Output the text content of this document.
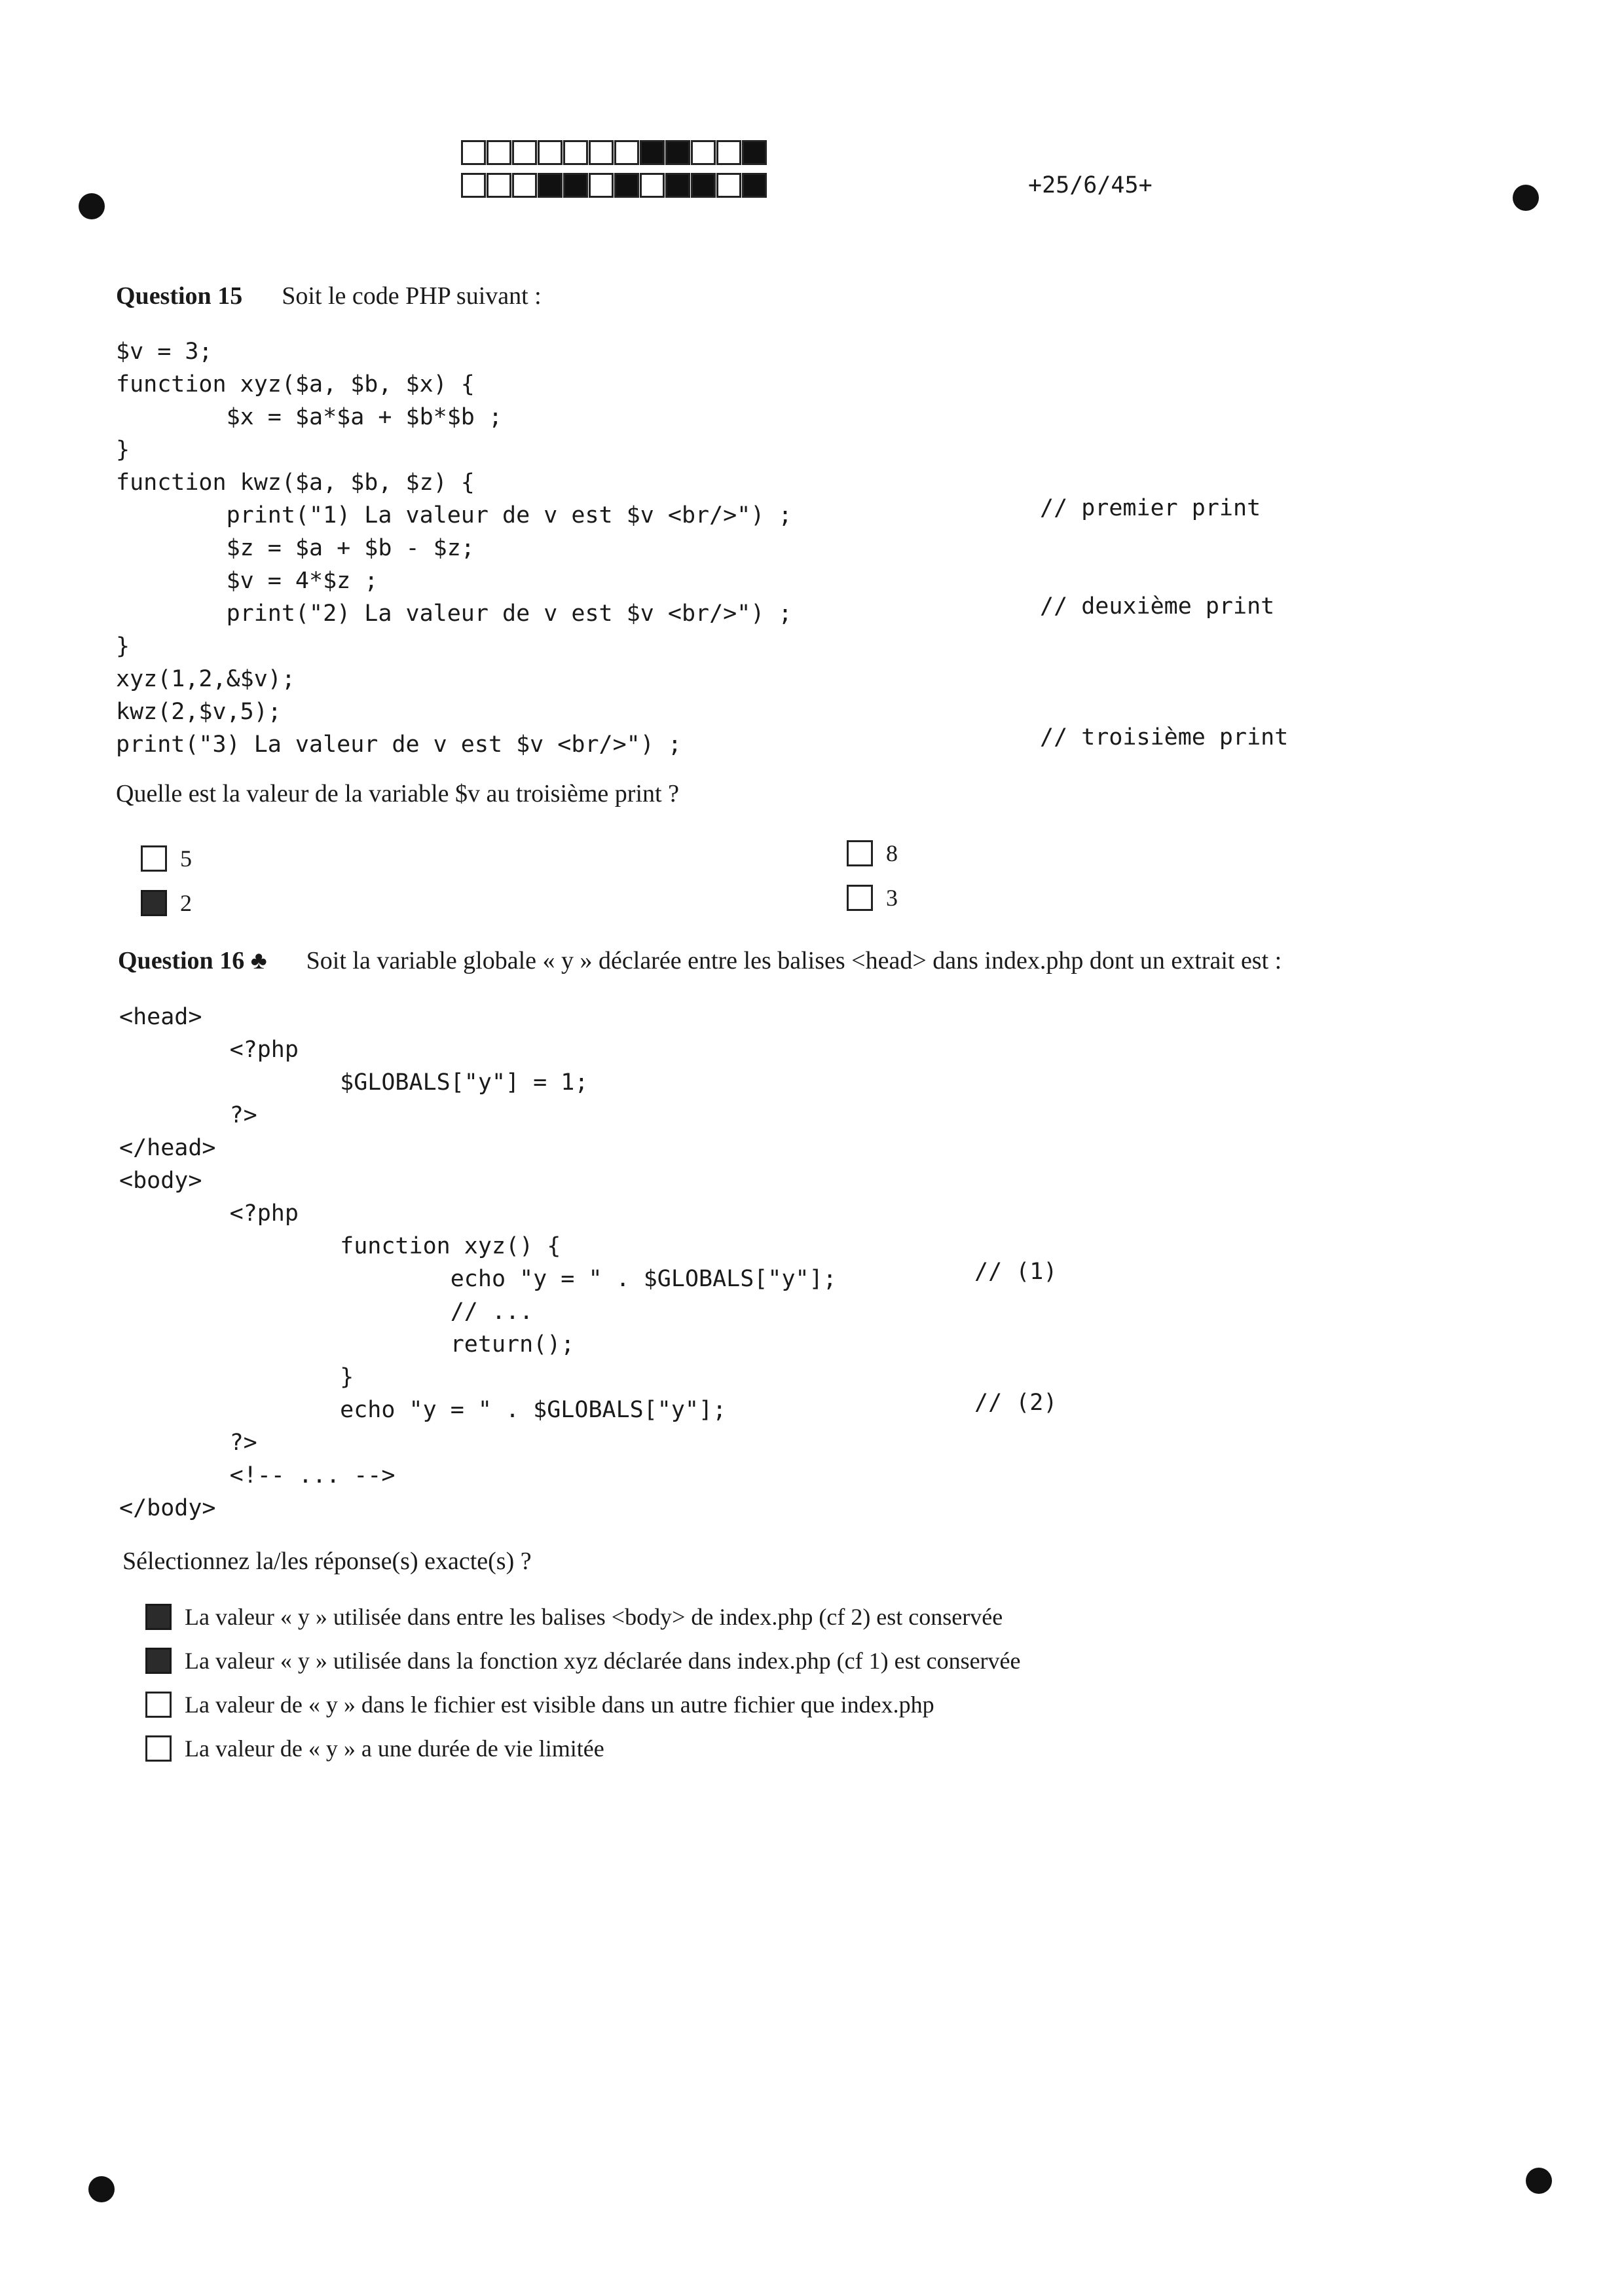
+25/6/45+
Question 15 Soit le code PHP suivant :
$v = 3;
function xyz($a, $b, $x) {
$x = $a*$a + $b*$b ;
}
function kwz($a, $b, $z) {
print("1) La valeur de v est $v <br/>") ;
$z = $a + $b - $z;
$v = 4*$z ;
print("2) La valeur de v est $v <br/>") ;
}
xyz(1,2,&$v);
kwz(2,$v,5);
print("3) La valeur de v est $v <br/>") ;
// premier print
// deuxième print
// troisième print
Quelle est la valeur de la variable $v au troisième print ?
5
2
8
3
Question 16 ♣ Soit la variable globale « y » déclarée entre les balises <head> dans index.php dont un extrait est :
<head>
<?php
$GLOBALS["y"] = 1;
?>
</head>
<body>
<?php
function xyz() {
echo "y = " . $GLOBALS["y"];
// ...
return();
}
echo "y = " . $GLOBALS["y"];
?>
<!-- ... -->
</body>
// (1)
// (2)
Sélectionnez la/les réponse(s) exacte(s) ?
La valeur « y » utilisée dans entre les balises <body> de index.php (cf 2) est conservée
La valeur « y » utilisée dans la fonction xyz déclarée dans index.php (cf 1) est conservée
La valeur de « y » dans le fichier est visible dans un autre fichier que index.php
La valeur de « y » a une durée de vie limitée
